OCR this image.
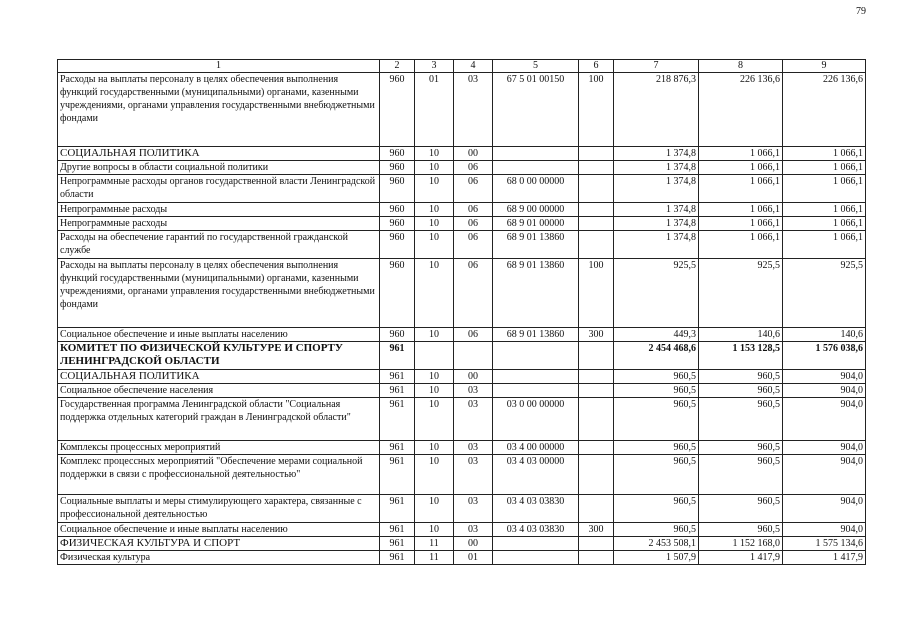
79
1	2	3	4	5	6	7	8	9
Расходы на выплаты персоналу в целях обеспечения выполнения функций государственными (муниципальными) органами, казенными учреждениями, органами управления государственными внебюджетными фондами	960	01	03	67 5 01 00150	100	218 876,3	226 136,6	226 136,6
СОЦИАЛЬНАЯ ПОЛИТИКА	960	10	00			1 374,8	1 066,1	1 066,1
Другие вопросы в области социальной политики	960	10	06			1 374,8	1 066,1	1 066,1
Непрограммные расходы органов государственной власти Ленинградской области	960	10	06	68 0 00 00000		1 374,8	1 066,1	1 066,1
Непрограммные расходы	960	10	06	68 9 00 00000		1 374,8	1 066,1	1 066,1
Непрограммные расходы	960	10	06	68 9 01 00000		1 374,8	1 066,1	1 066,1
Расходы на обеспечение гарантий по государственной гражданской службе	960	10	06	68 9 01 13860		1 374,8	1 066,1	1 066,1
Расходы на выплаты персоналу в целях обеспечения выполнения функций государственными (муниципальными) органами, казенными учреждениями, органами управления государственными внебюджетными фондами	960	10	06	68 9 01 13860	100	925,5	925,5	925,5
Социальное обеспечение и иные выплаты населению	960	10	06	68 9 01 13860	300	449,3	140,6	140,6
КОМИТЕТ ПО ФИЗИЧЕСКОЙ КУЛЬТУРЕ И СПОРТУ ЛЕНИНГРАДСКОЙ ОБЛАСТИ	961					2 454 468,6	1 153 128,5	1 576 038,6
СОЦИАЛЬНАЯ ПОЛИТИКА	961	10	00			960,5	960,5	904,0
Социальное обеспечение населения	961	10	03			960,5	960,5	904,0
Государственная программа Ленинградской области "Социальная поддержка отдельных категорий граждан в Ленинградской области"	961	10	03	03 0 00 00000		960,5	960,5	904,0
Комплексы процессных мероприятий	961	10	03	03 4 00 00000		960,5	960,5	904,0
Комплекс процессных мероприятий "Обеспечение мерами социальной поддержки в связи с профессиональной деятельностью"	961	10	03	03 4 03 00000		960,5	960,5	904,0
Социальные выплаты и меры стимулирующего характера, связанные с профессиональной деятельностью	961	10	03	03 4 03 03830		960,5	960,5	904,0
Социальное обеспечение и иные выплаты населению	961	10	03	03 4 03 03830	300	960,5	960,5	904,0
ФИЗИЧЕСКАЯ КУЛЬТУРА И СПОРТ	961	11	00			2 453 508,1	1 152 168,0	1 575 134,6
Физическая культура	961	11	01			1 507,9	1 417,9	1 417,9
